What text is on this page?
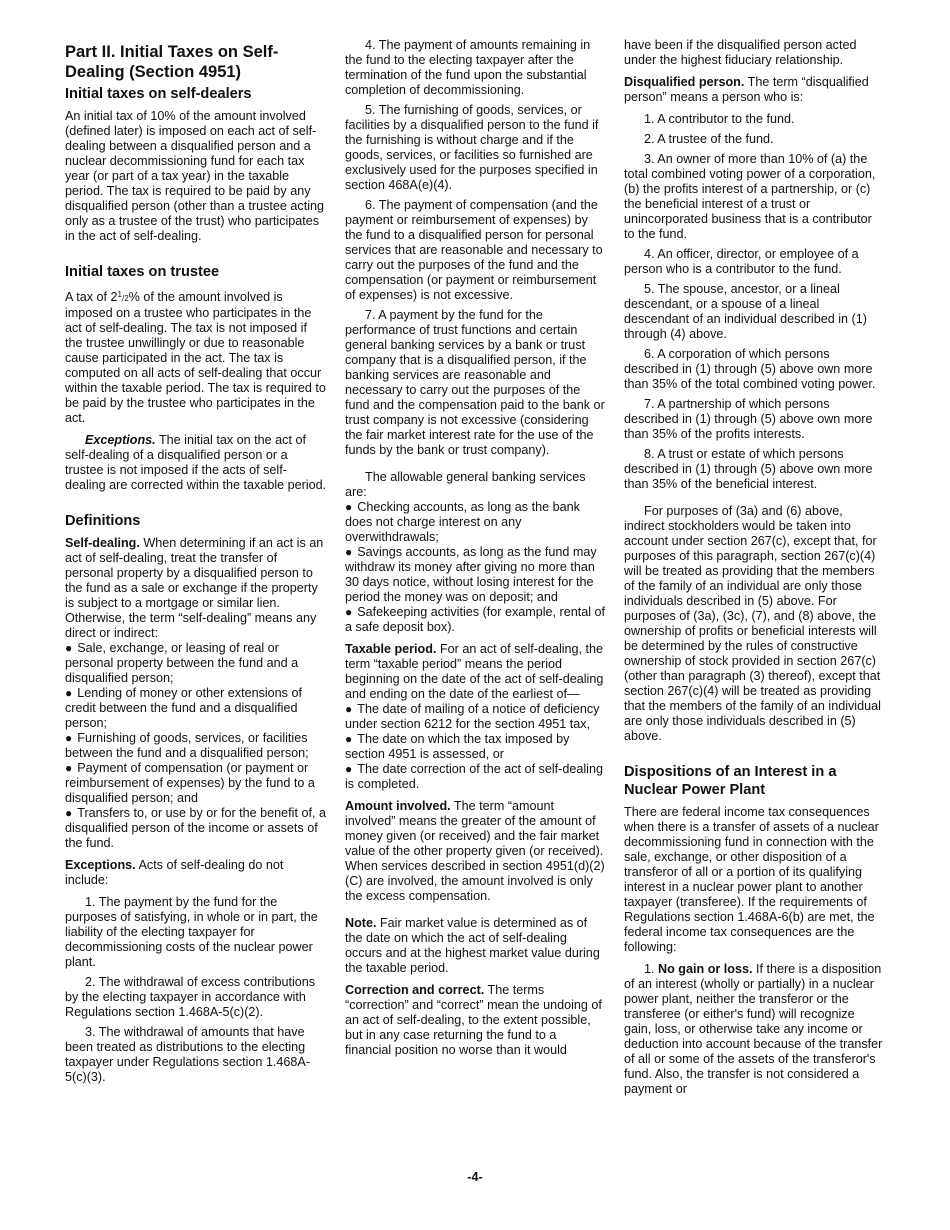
Part II. Initial Taxes on Self-Dealing (Section 4951)
Initial taxes on self-dealers

An initial tax of 10% of the amount involved (defined later) is imposed on each act of self-dealing between a disqualified person and a nuclear decommissioning fund for each tax year (or part of a tax year) in the taxable period. The tax is required to be paid by any disqualified person (other than a trustee acting only as a trustee of the trust) who participates in the act of self-dealing.

Initial taxes on trustee

A tax of $2^1/2\%$ of the amount involved is imposed on a trustee who participates in the act of self-dealing. The tax is not imposed if the trustee unwillingly or due to reasonable cause participated in the act. The tax is computed on all acts of self-dealing that occur within the taxable period. The tax is required to be paid by the trustee who participates in the act.

Exceptions. The initial tax on the act of self-dealing of a disqualified person or a trustee is not imposed if the acts of self-dealing are corrected within the taxable period.

Definitions

Self-dealing. When determining if an act is an act of self-dealing, treat the transfer of personal property by a disqualified person to the fund as a sale or exchange if the property is subject to a mortgage or similar lien. Otherwise, the term “self-dealing” means any direct or indirect:

● Sale, exchange, or leasing of real or personal property between the fund and a disqualified person;
● Lending of money or other extensions of credit between the fund and a disqualified person;
● Furnishing of goods, services, or facilities between the fund and a disqualified person;
● Payment of compensation (or payment or reimbursement of expenses) by the fund to a disqualified person; and
● Transfers to, or use by or for the benefit of, a disqualified person of the income or assets of the fund.

Exceptions. Acts of self-dealing do not include:

1. The payment by the fund for the purposes of satisfying, in whole or in part, the liability of the electing taxpayer for decommissioning costs of the nuclear power plant.
2. The withdrawal of excess contributions by the electing taxpayer in accordance with Regulations section 1.468A-5(c)(2).
3. The withdrawal of amounts that have been treated as distributions to the electing taxpayer under Regulations section 1.468A-5(c)(3).
4. The payment of amounts remaining in the fund to the electing taxpayer after the termination of the fund upon the substantial completion of decommissioning.
5. The furnishing of goods, services, or facilities by a disqualified person to the fund if the furnishing is without charge and if the goods, services, or facilities so furnished are exclusively used for the purposes specified in section 468A(e)(4).
6. The payment of compensation (and the payment or reimbursement of expenses) by the fund to a disqualified person for personal services that are reasonable and necessary to carry out the purposes of the fund and the compensation (or payment or reimbursement of expenses) is not excessive.
7. A payment by the fund for the performance of trust functions and certain general banking services by a bank or trust company that is a disqualified person, if the banking services are reasonable and necessary to carry out the purposes of the fund and the compensation paid to the bank or trust company is not excessive (considering the fair market interest rate for the use of the funds by the bank or trust company).

The allowable general banking services are:

● Checking accounts, as long as the bank does not charge interest on any overwithdrawals;
● Savings accounts, as long as the fund may withdraw its money after giving no more than 30 days notice, without losing interest for the period the money was on deposit; and
● Safekeeping activities (for example, rental of a safe deposit box).

Taxable period. For an act of self-dealing, the term “taxable period” means the period beginning on the date of the act of self-dealing and ending on the date of the earliest of—

● The date of mailing of a notice of deficiency under section 6212 for the section 4951 tax,
● The date on which the tax imposed by section 4951 is assessed, or
● The date correction of the act of self-dealing is completed.

Amount involved. The term “amount involved” means the greater of the amount of money given (or received) and the fair market value of the other property given (or received). When services described in section 4951(d)(2)(C) are involved, the amount involved is only the excess compensation.

Note. Fair market value is determined as of the date on which the act of self-dealing occurs and at the highest market value during the taxable period.

Correction and correct. The terms “correction” and “correct” mean the undoing of an act of self-dealing, to the extent possible, but in any case returning the fund to a financial position no worse than it would

have been if the disqualified person acted under the highest fiduciary relationship.

Disqualified person. The term “disqualified person” means a person who is:

1. A contributor to the fund.
2. A trustee of the fund.
3. An owner of more than 10% of (a) the total combined voting power of a corporation, (b) the profits interest of a partnership, or (c) the beneficial interest of a trust or unincorporated business that is a contributor to the fund.
4. An officer, director, or employee of a person who is a contributor to the fund.
5. The spouse, ancestor, or a lineal descendant, or a spouse of a lineal descendant of an individual described in (1) through (4) above.
6. A corporation of which persons described in (1) through (5) above own more than 35% of the total combined voting power.
7. A partnership of which persons described in (1) through (5) above own more than 35% of the profits interests.
8. A trust or estate of which persons described in (1) through (5) above own more than 35% of the beneficial interest.

For purposes of (3a) and (6) above, indirect stockholders would be taken into account under section 267(c), except that, for purposes of this paragraph, section 267(c)(4) will be treated as providing that the members of the family of an individual are only those individuals described in (5) above. For purposes of (3a), (3c), (7), and (8) above, the ownership of profits or beneficial interests will be determined by the rules of constructive ownership of stock provided in section 267(c) (other than paragraph (3) thereof), except that section 267(c)(4) will be treated as providing that the members of the family of an individual are only those individuals described in (5) above.

Dispositions of an Interest in a Nuclear Power Plant

There are federal income tax consequences when there is a transfer of assets of a nuclear decommissioning fund in connection with the sale, exchange, or other disposition of a transferor of all or a portion of its qualifying interest in a nuclear power plant to another taxpayer (transferee). If the requirements of Regulations section 1.468A-6(b) are met, the federal income tax consequences are the following:

1. No gain or loss. If there is a disposition of an interest (wholly or partially) in a nuclear power plant, neither the transferor or the transferee (or either's fund) will recognize gain, loss, or otherwise take any income or deduction into account because of the transfer of all or some of the assets of the transferor's fund. Also, the transfer is not considered a payment or

-4-
